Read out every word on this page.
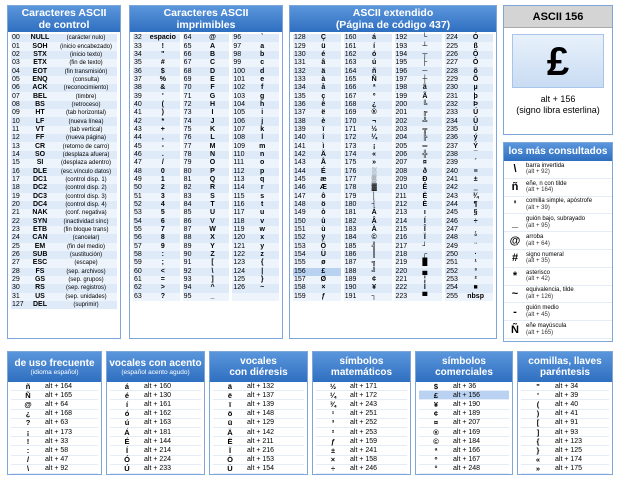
Caracteres ASCII
de control
00	NULL	(carácter nulo)
01	SOH	(inicio encabezado)
02	STX	(inicio texto)
03	ETX	(fin de texto)
04	EOT	(fin transmisión)
05	ENQ	(consulta)
06	ACK	(reconocimiento)
07	BEL	(timbre)
08	BS	(retroceso)
09	HT	(tab horizontal)
10	LF	(nueva línea)
11	VT	(tab vertical)
12	FF	(nueva página)
13	CR	(retorno de carro)
14	SO	(desplaza afuera)
15	SI	(desplaza adentro)
16	DLE	(esc.vínculo datos)
17	DC1	(control disp. 1)
18	DC2	(control disp. 2)
19	DC3	(control disp. 3)
20	DC4	(control disp. 4)
21	NAK	(conf. negativa)
22	SYN	(inactividad sínc)
23	ETB	(fin bloque trans)
24	CAN	(cancelar)
25	EM	(fin del medio)
26	SUB	(sustitución)
27	ESC	(escape)
28	FS	(sep. archivos)
29	GS	(sep. grupos)
30	RS	(sep. registros)
31	US	(sep. unidades)
127	DEL	(suprimir)
Caracteres ASCII
imprimibles
32	espacio
33	!
34	"
35	#
36	$
37	%
38	&
39	'
40	(
41	)
42	*
43	+
44	,
45	-
46	.
47	/
48	0
49	1
50	2
51	3
52	4
53	5
54	6
55	7
56	8
57	9
58	:
59	;
60	<
61	=
62	>
63	?
64	@
65	A
66	B
67	C
68	D
69	E
70	F
71	G
72	H
73	I
74	J
75	K
76	L
77	M
78	N
79	O
80	P
81	Q
82	R
83	S
84	T
85	U
86	V
87	W
88	X
89	Y
90	Z
91	[
92	\
93	]
94	^
95	_
96	`
97	a
98	b
99	c
100	d
101	e
102	f
103	g
104	h
105	i
106	j
107	k
108	l
109	m
110	n
111	o
112	p
113	q
114	r
115	s
116	t
117	u
118	v
119	w
120	x
121	y
122	z
123	{
124	|
125	}
126	~
ASCII extendido
(Página de código 437)
128	Ç
129	ü
130	é
131	â
132	ä
133	à
134	å
135	ç
136	ê
137	ë
138	è
139	ï
140	î
141	ì
142	Ä
143	Å
144	É
145	æ
146	Æ
147	ô
148	ö
149	ò
150	û
151	ù
152	ÿ
153	Ö
154	Ü
155	ø
156	£
157	Ø
158	×
159	ƒ
160	á
161	í
162	ó
163	ú
164	ñ
165	Ñ
166	ª
167	º
168	¿
169	®
170	¬
171	½
172	¼
173	¡
174	«
175	»
176	░
177	▒
178	▓
179	│
180	┤
181	Á
182	Â
183	À
184	©
185	╣
186	║
187	╗
188	╝
189	¢
190	¥
191	┐
192	└
193	┴
194	┬
195	├
196	─
197	┼
198	ã
199	Ã
200	╚
201	╔
202	╩
203	╦
204	╠
205	═
206	╬
207	¤
208	ð
209	Ð
210	Ê
211	Ë
212	È
213	ı
214	Í
215	Î
216	Ï
217	┘
218	┌
219	█
220	▄
221	¦
222	Ì
223	▀
224	Ó
225	ß
226	Ô
227	Ò
228	õ
229	Õ
230	µ
231	þ
232	Þ
233	Ú
234	Û
235	Ù
236	ý
237	Ý
238	¯
239	´
240	≡
241	±
242	‗
243	¾
244	¶
245	§
246	÷
247	¸
248	°
249	¨
250	·
251	¹
252	³
253	²
254	■
255	nbsp
ASCII 156
£
alt + 156
(signo libra esterlina)
los más consultados
\	barra invertida
(alt + 92)
ñ	eñe, n con tilde
(alt + 164)
'	comilla simple, apóstrofe
(alt + 39)
_	guión bajo, subrayado
(alt + 95)
@ arroba
(alt + 64)
#	signo numeral
(alt + 35)
*	asterisco
(alt + 42)
~	equivalencia, tilde
(alt + 126)
-	guión medio
(alt + 45)
Ñ	eñe mayúscula
(alt + 165)
de uso frecuente
(idioma español)
ñ	alt + 164
Ñ	alt + 165
@	alt + 64
¿	alt + 168
?	alt + 63
¡	alt + 173
!	alt + 33
:	alt + 58
/	alt + 47
\	alt + 92
vocales con acento
(español acento agudo)
á	alt + 160
é	alt + 130
í	alt + 161
ó	alt + 162
ú	alt + 163
Á	alt + 181
É	alt + 144
Í	alt + 214
Ó	alt + 224
Ú	alt + 233
vocales
con diéresis
ä	alt + 132
ë	alt + 137
ï	alt + 139
ö	alt + 148
ü	alt + 129
Ä	alt + 142
Ë	alt + 211
Ï	alt + 216
Ö	alt + 153
Ü	alt + 154
símbolos
matemáticos
½	alt + 171
¼	alt + 172
¾	alt + 243
¹	alt + 251
³	alt + 252
²	alt + 253
ƒ	alt + 159
±	alt + 241
×	alt + 158
÷	alt + 246
símbolos
comerciales
$	alt + 36
£	alt + 156
¥	alt + 190
¢	alt + 189
¤	alt + 207
®	alt + 169
©	alt + 184
ª	alt + 166
º	alt + 167
°	alt + 248
comillas, llaves
paréntesis
"	alt + 34
'	alt + 39
(	alt + 40
)	alt + 41
[	alt + 91
]	alt + 93
{	alt + 123
}	alt + 125
«	alt + 174
»	alt + 175
